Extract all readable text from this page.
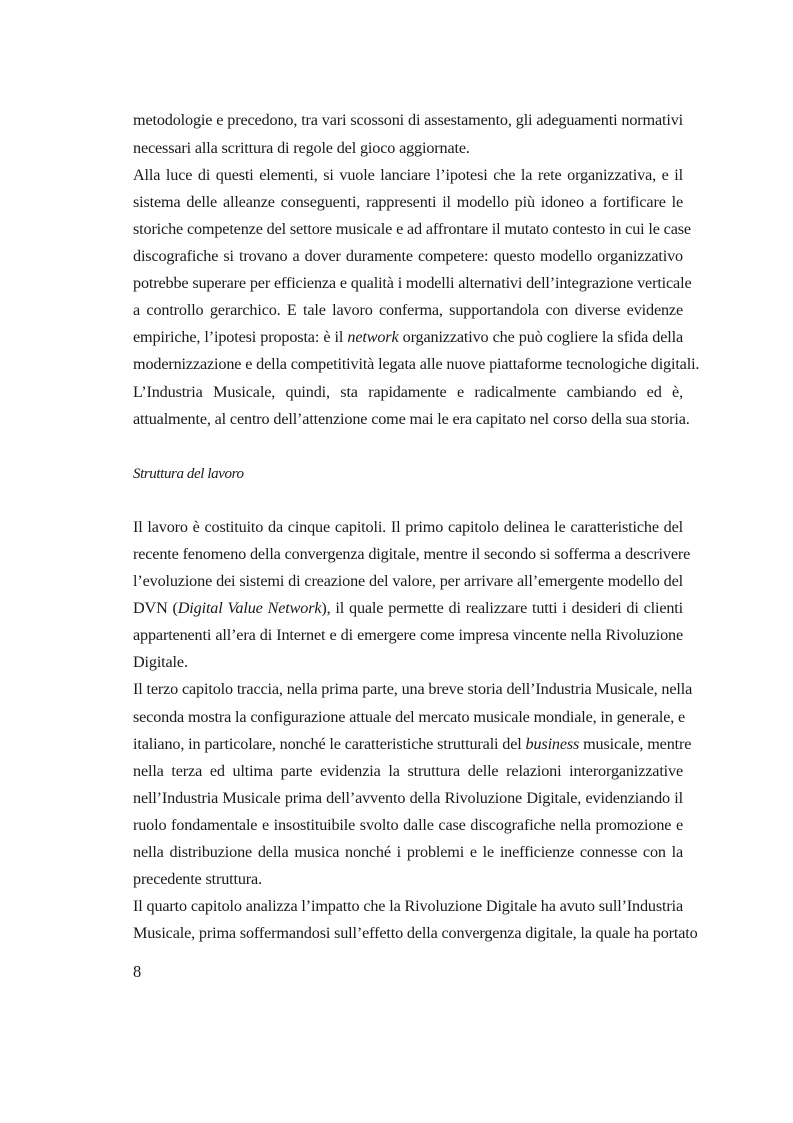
metodologie e precedono, tra vari scossoni di assestamento, gli adeguamenti normativi
necessari alla scrittura di regole del gioco aggiornate.
Alla luce di questi elementi, si vuole lanciare l’ipotesi che la rete organizzativa, e il
sistema delle alleanze conseguenti, rappresenti il modello più idoneo a fortificare le
storiche competenze del settore musicale e ad affrontare il mutato contesto in cui le case
discografiche si trovano a dover duramente competere: questo modello organizzativo
potrebbe superare per efficienza e qualità i modelli alternativi dell’integrazione verticale
a controllo gerarchico. E tale lavoro conferma, supportandola con diverse evidenze
empiriche, l’ipotesi proposta: è il network organizzativo che può cogliere la sfida della
modernizzazione e della competitività legata alle nuove piattaforme tecnologiche digitali.
L’Industria Musicale, quindi, sta rapidamente e radicalmente cambiando ed è,
attualmente, al centro dell’attenzione come mai le era capitato nel corso della sua storia.
Struttura del lavoro
Il lavoro è costituito da cinque capitoli. Il primo capitolo delinea le caratteristiche del
recente fenomeno della convergenza digitale, mentre il secondo si sofferma a descrivere
l’evoluzione dei sistemi di creazione del valore, per arrivare all’emergente modello del
DVN (Digital Value Network), il quale permette di realizzare tutti i desideri di clienti
appartenenti all’era di Internet e di emergere come impresa vincente nella Rivoluzione
Digitale.
Il terzo capitolo traccia, nella prima parte, una breve storia dell’Industria Musicale, nella
seconda mostra la configurazione attuale del mercato musicale mondiale, in generale, e
italiano, in particolare, nonché le caratteristiche strutturali del business musicale, mentre
nella terza ed ultima parte evidenzia la struttura delle relazioni interorganizzative
nell’Industria Musicale prima dell’avvento della Rivoluzione Digitale, evidenziando il
ruolo fondamentale e insostituibile svolto dalle case discografiche nella promozione e
nella distribuzione della musica nonché i problemi e le inefficienze connesse con la
precedente struttura.
Il quarto capitolo analizza l’impatto che la Rivoluzione Digitale ha avuto sull’Industria
Musicale, prima soffermandosi sull’effetto della convergenza digitale, la quale ha portato
8
